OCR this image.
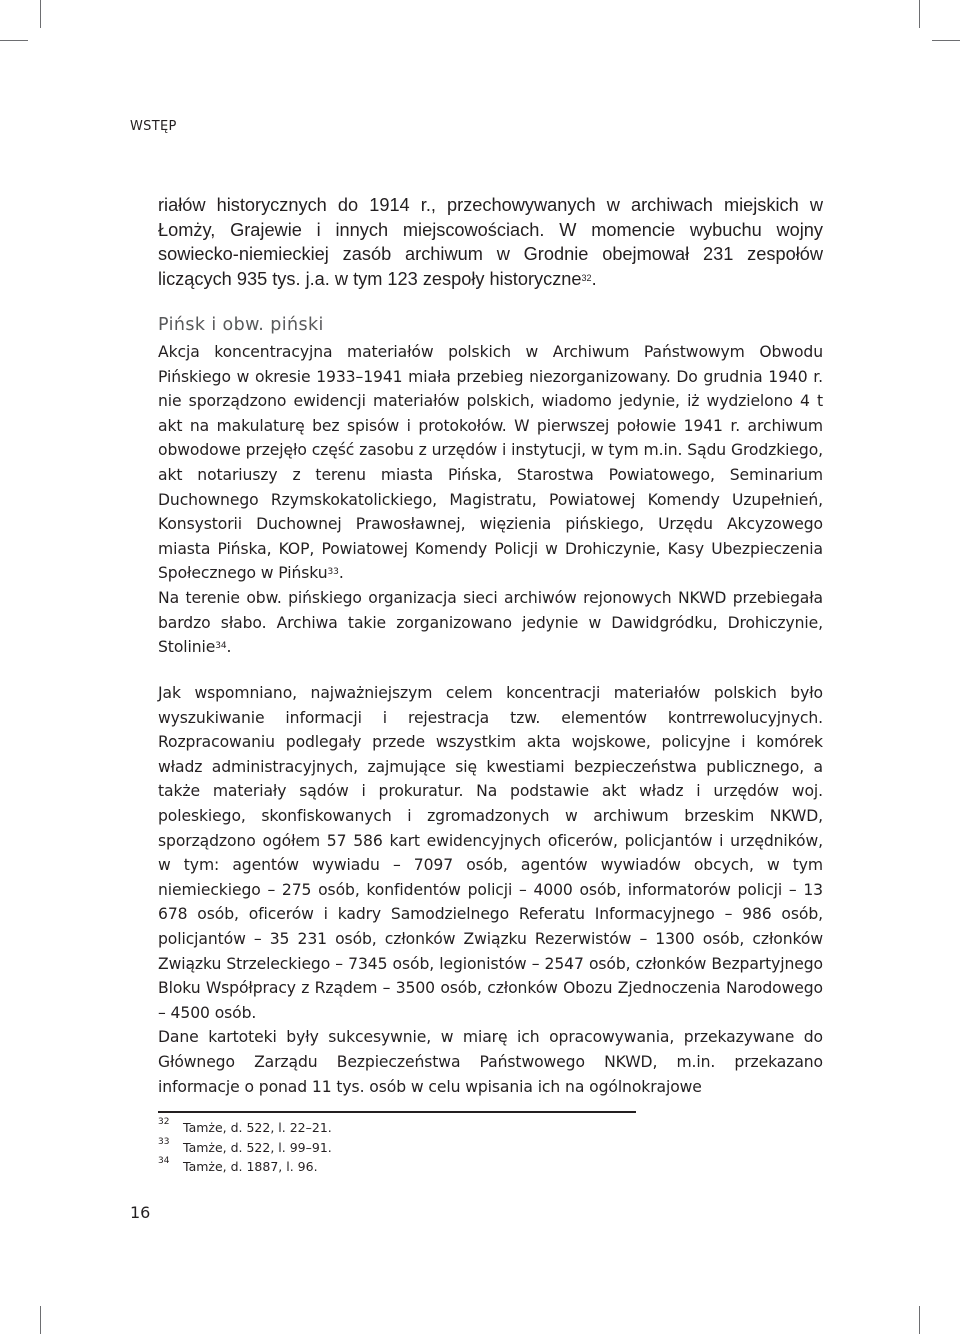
WSTĘP

riałów historycznych do 1914 r., przechowywanych w archiwach miejskich w Łomży, Grajewie i innych miejscowościach. W momencie wybuchu wojny sowiecko-niemieckiej zasób archiwum w Grodnie obejmował 231 zespołów liczących 935 tys. j.a. w tym 123 zespoły historyczne$^{32}$.

Pińsk i obw. piński

Akcja koncentracyjna materiałów polskich w Archiwum Państwowym Obwodu Pińskiego w okresie 1933–1941 miała przebieg niezorganizowany. Do grudnia 1940 r. nie sporządzono ewidencji materiałów polskich, wiadomo jedynie, iż wydzielono 4 t akt na makulaturę bez spisów i protokołów. W pierwszej połowie 1941 r. archiwum obwodowe przejęło część zasobu z urzędów i instytucji, w tym m.in. Sądu Grodzkiego, akt notariuszy z terenu miasta Pińska, Starostwa Powiatowego, Seminarium Duchownego Rzymskokatolickiego, Magistratu, Powiatowej Komendy Uzupełnień, Konsystorii Duchownej Prawosławnej, więzienia pińskiego, Urzędu Akcyzowego miasta Pińska, KOP, Powiatowej Komendy Policji w Drohiczynie, Kasy Ubezpieczenia Społecznego w Pińsku$^{33}$.
Na terenie obw. pińskiego organizacja sieci archiwów rejonowych NKWD przebiegała bardzo słabo. Archiwa takie zorganizowano jedynie w Dawidgródku, Drohiczynie, Stolinie$^{34}$.

Jak wspomniano, najważniejszym celem koncentracji materiałów polskich było wyszukiwanie informacji i rejestracja tzw. elementów kontrrewolucyjnych. Rozpracowaniu podlegały przede wszystkim akta wojskowe, policyjne i komórek władz administracyjnych, zajmujące się kwestiami bezpieczeństwa publicznego, a także materiały sądów i prokuratur. Na podstawie akt władz i urzędów woj. poleskiego, skonfiskowanych i zgromadzonych w archiwum brzeskim NKWD, sporządzono ogółem 57 586 kart ewidencyjnych oficerów, policjantów i urzędników, w tym: agentów wywiadu – 7097 osób, agentów wywiadów obcych, w tym niemieckiego – 275 osób, konfidentów policji – 4000 osób, informatorów policji – 13 678 osób, oficerów i kadry Samodzielnego Referatu Informacyjnego – 986 osób, policjantów – 35 231 osób, członków Związku Rezerwistów – 1300 osób, członków Związku Strzeleckiego – 7345 osób, legionistów – 2547 osób, członków Bezpartyjnego Bloku Współpracy z Rządem – 3500 osób, członków Obozu Zjednoczenia Narodowego – 4500 osób.
Dane kartoteki były sukcesywnie, w miarę ich opracowywania, przekazywane do Głównego Zarządu Bezpieczeństwa Państwowego NKWD, m.in. przekazano informacje o ponad 11 tys. osób w celu wpisania ich na ogólnokrajowe
32 Tamże, d. 522, l. 22–21.
33 Tamże, d. 522, l. 99–91.
34 Tamże, d. 1887, l. 96.
16
